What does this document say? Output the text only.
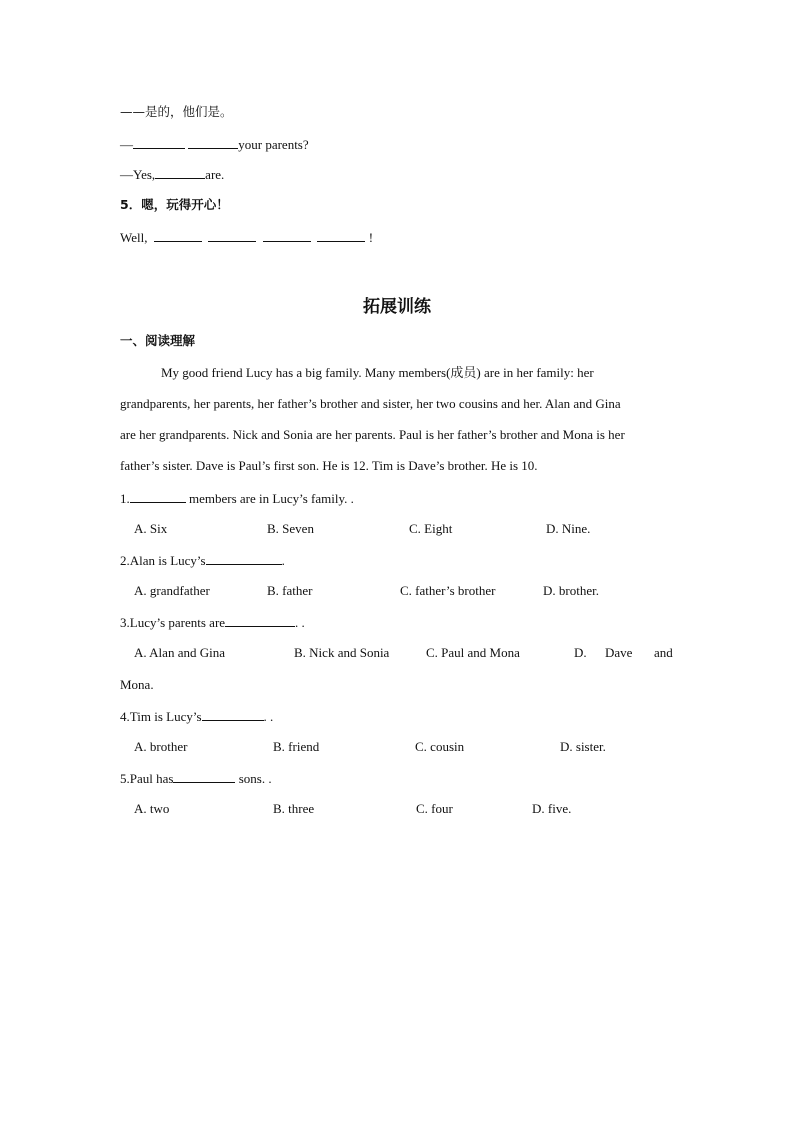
——是的，他们是。
—	your parents?
—Yes,	are.
5．嗯，玩得开心！
Well,	!
拓展训练
一、阅读理解
My good friend Lucy has a big family. Many members(成员) are in her family: her
grandparents, her parents, her father’s brother and sister, her two cousins and her. Alan and Gina
are her grandparents. Nick and Sonia are her parents. Paul is her father’s brother and Mona is her
father’s sister. Dave is Paul’s first son. He is 12. Tim is Dave’s brother. He is 10.
1.	members are in Lucy’s family. .
A. Six	B. Seven	C. Eight	D. Nine.
2.Alan is Lucy’s	.
A. grandfather	B. father	C. father’s brother	D. brother.
3.Lucy’s parents are	. .
A. Alan and Gina	B. Nick and Sonia	C. Paul and Mona	D. Dave and
Mona.
4.Tim is Lucy’s	. .
A. brother	B. friend	C. cousin	D. sister.
5.Paul has	sons. .
A. two	B. three	C. four	D. five.
